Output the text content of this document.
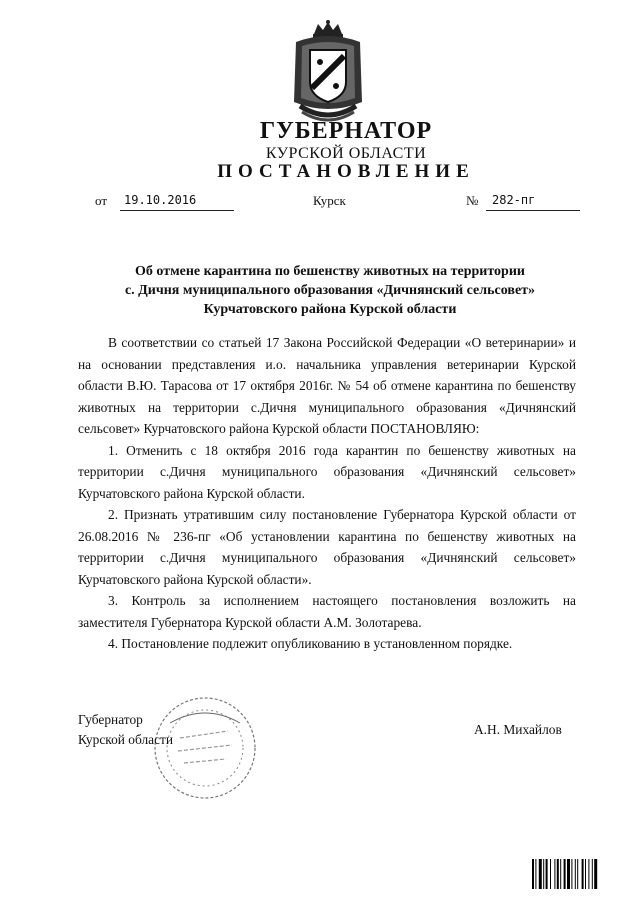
ГУБЕРНАТОР
КУРСКОЙ ОБЛАСТИ
ПОСТАНОВЛЕНИЕ
от	19.10.2016	Курск	№	282-пг
Об отмене карантина по бешенству животных на территории
с. Дичня муниципального образования «Дичнянский сельсовет»
Курчатовского района Курской области

В соответствии со статьей 17 Закона Российской Федерации «О ветеринарии» и на основании представления и.о. начальника управления ветеринарии Курской области В.Ю. Тарасова от 17 октября 2016г. № 54 об отмене карантина по бешенству животных на территории с.Дичня муниципального образования «Дичнянский сельсовет» Курчатовского района Курской области ПОСТАНОВЛЯЮ:

1. Отменить с 18 октября 2016 года карантин по бешенству животных на территории с.Дичня муниципального образования «Дичнянский сельсовет» Курчатовского района Курской области.

2. Признать утратившим силу постановление Губернатора Курской области от 26.08.2016 № 236-пг «Об установлении карантина по бешенству животных на территории с.Дичня муниципального образования «Дичнянский сельсовет» Курчатовского района Курской области».

3. Контроль за исполнением настоящего постановления возложить на заместителя Губернатора Курской области А.М. Золотарева.

4. Постановление подлежит опубликованию в установленном порядке.

Губернатор
Курской области
А.Н. Михайлов
